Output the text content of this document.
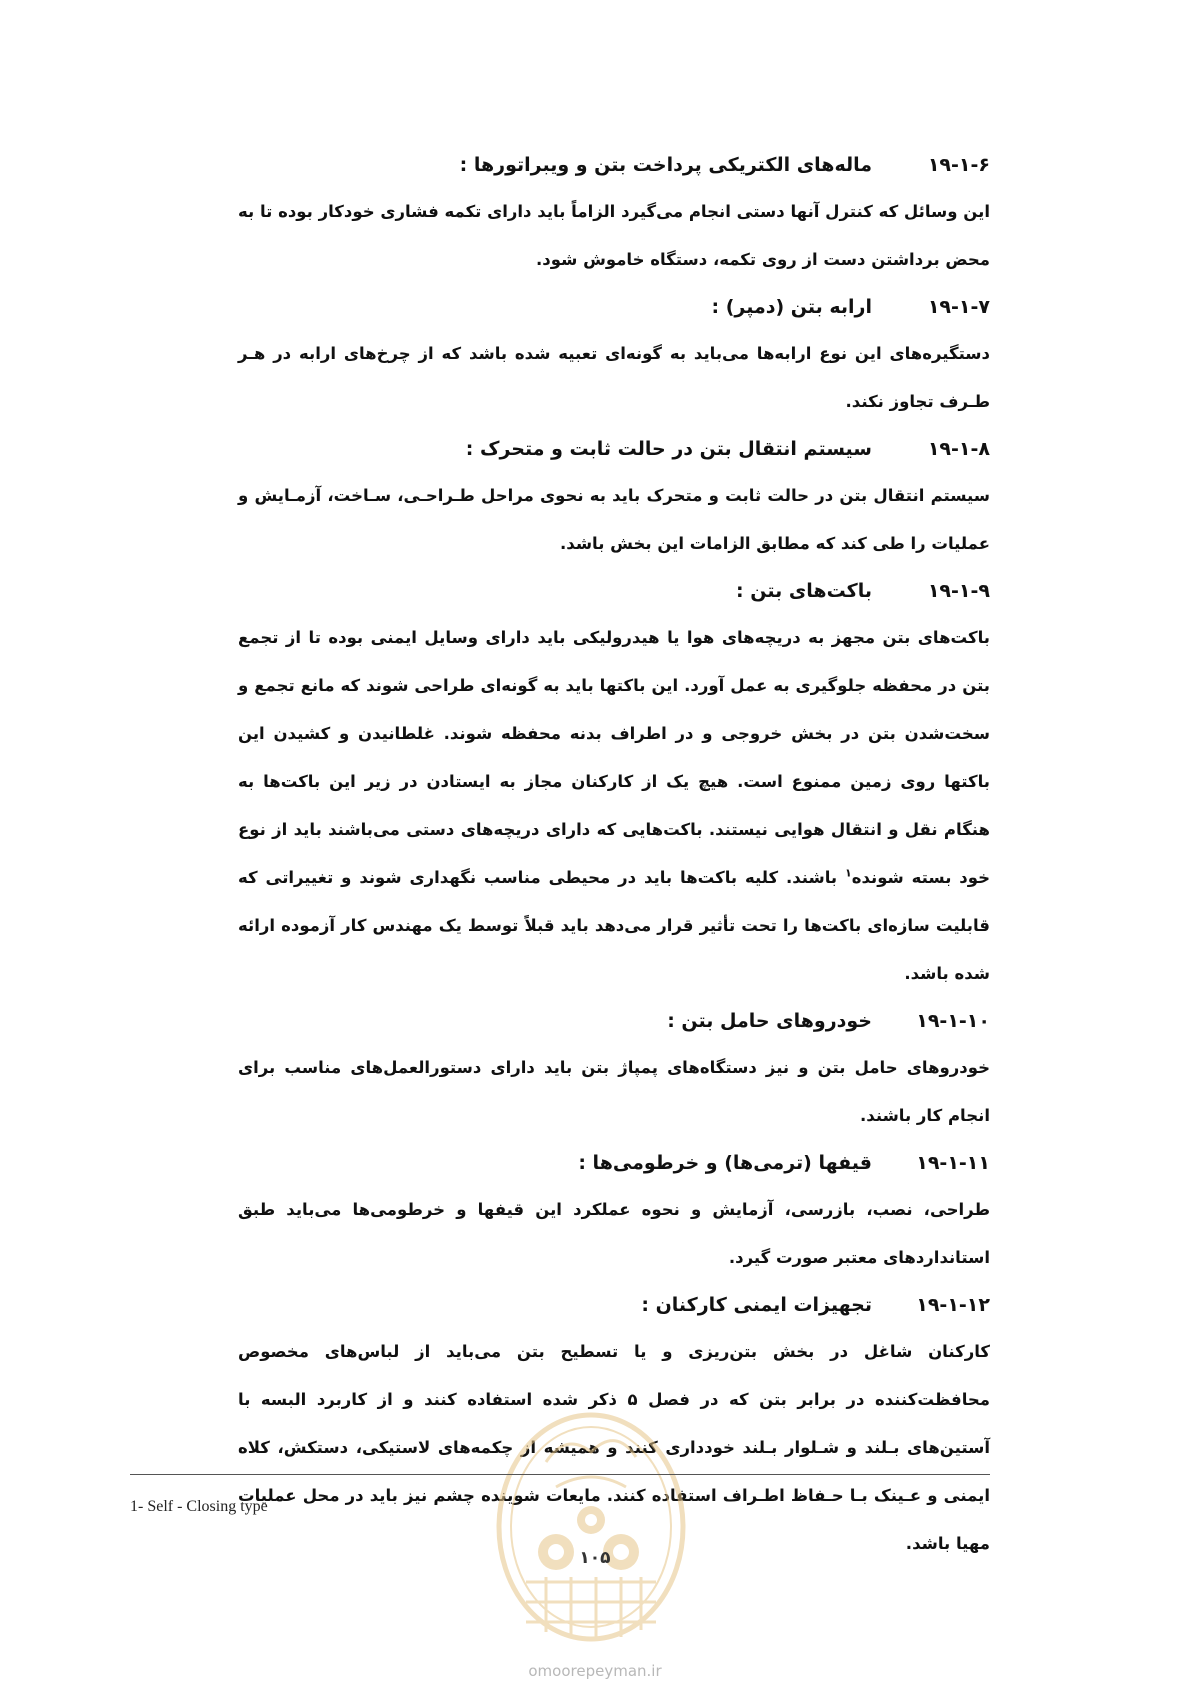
۱۹-۱-۶
ماله‌های الکتریکی پرداخت بتن و ویبراتورها :
این وسائل که کنترل آنها دستی انجام می‌گیرد الزاماً باید دارای تکمه فشاری خودکار بوده تا به محض برداشتن دست از روی تکمه، دستگاه خاموش شود.
۱۹-۱-۷
ارابه بتن (دمپر) :
دستگیره‌های این نوع ارابه‌ها می‌باید به گونه‌ای تعبیه شده باشد که از چرخ‌های ارابه در هـر طـرف تجاوز نکند.
۱۹-۱-۸
سیستم انتقال بتن در حالت ثابت و متحرک :
سیستم انتقال بتن در حالت ثابت و متحرک باید به نحوی مراحل طـراحـی، سـاخت، آزمـایش و عملیات را طی کند که مطابق الزامات این بخش باشد.
۱۹-۱-۹
باکت‌های بتن :
باکت‌های بتن مجهز به دریچه‌های هوا یا هیدرولیکی باید دارای وسایل ایمنی بوده تا از تجمع بتن در محفظه جلوگیری به عمل آورد. این باکتها باید به گونه‌ای طراحی شوند که مانع تجمع و سخت‌شدن بتن در بخش خروجی و در اطراف بدنه محفظه شوند. غلطانیدن و کشیدن این باکتها روی زمین ممنوع است. هیچ یک از کارکنان مجاز به ایستادن در زیر این باکت‌ها به هنگام نقل و انتقال هوایی نیستند. باکت‌هایی که دارای دریچه‌های دستی می‌باشند باید از نوع خود بسته شونده$^۱$ باشند. کلیه باکت‌ها باید در محیطی مناسب نگهداری شوند و تغییراتی که قابلیت سازه‌ای باکت‌ها را تحت تأثیر قرار می‌دهد باید قبلاً توسط یک مهندس کار آزموده ارائه شده باشد.
۱۹-۱-۱۰
خودروهای حامل بتن :
خودروهای حامل بتن و نیز دستگاه‌های پمپاژ بتن باید دارای دستورالعمل‌های مناسب برای انجام کار باشند.
۱۹-۱-۱۱
قیفها (ترمی‌ها) و خرطومی‌ها :
طراحی، نصب، بازرسی، آزمایش و نحوه عملکرد این قیفها و خرطومی‌ها می‌باید طبق استانداردهای معتبر صورت گیرد.
۱۹-۱-۱۲
تجهیزات ایمنی کارکنان :
کارکنان شاغل در بخش بتن‌ریزی و یا تسطیح بتن می‌باید از لباس‌های مخصوص محافظت‌کننده در برابر بتن که در فصل ۵ ذکر شده استفاده کنند و از کاربرد البسه با آستین‌های بـلند و شـلوار بـلند خودداری کنند و همیشه از چکمه‌های لاستیکی، دستکش، کلاه ایمنی و عـینک بـا حـفاظ اطـراف استفاده کنند. مایعات شوینده چشم نیز باید در محل عملیات مهیا باشد.
1- Self - Closing type
۱۰۵
omoorepeyman.ir
